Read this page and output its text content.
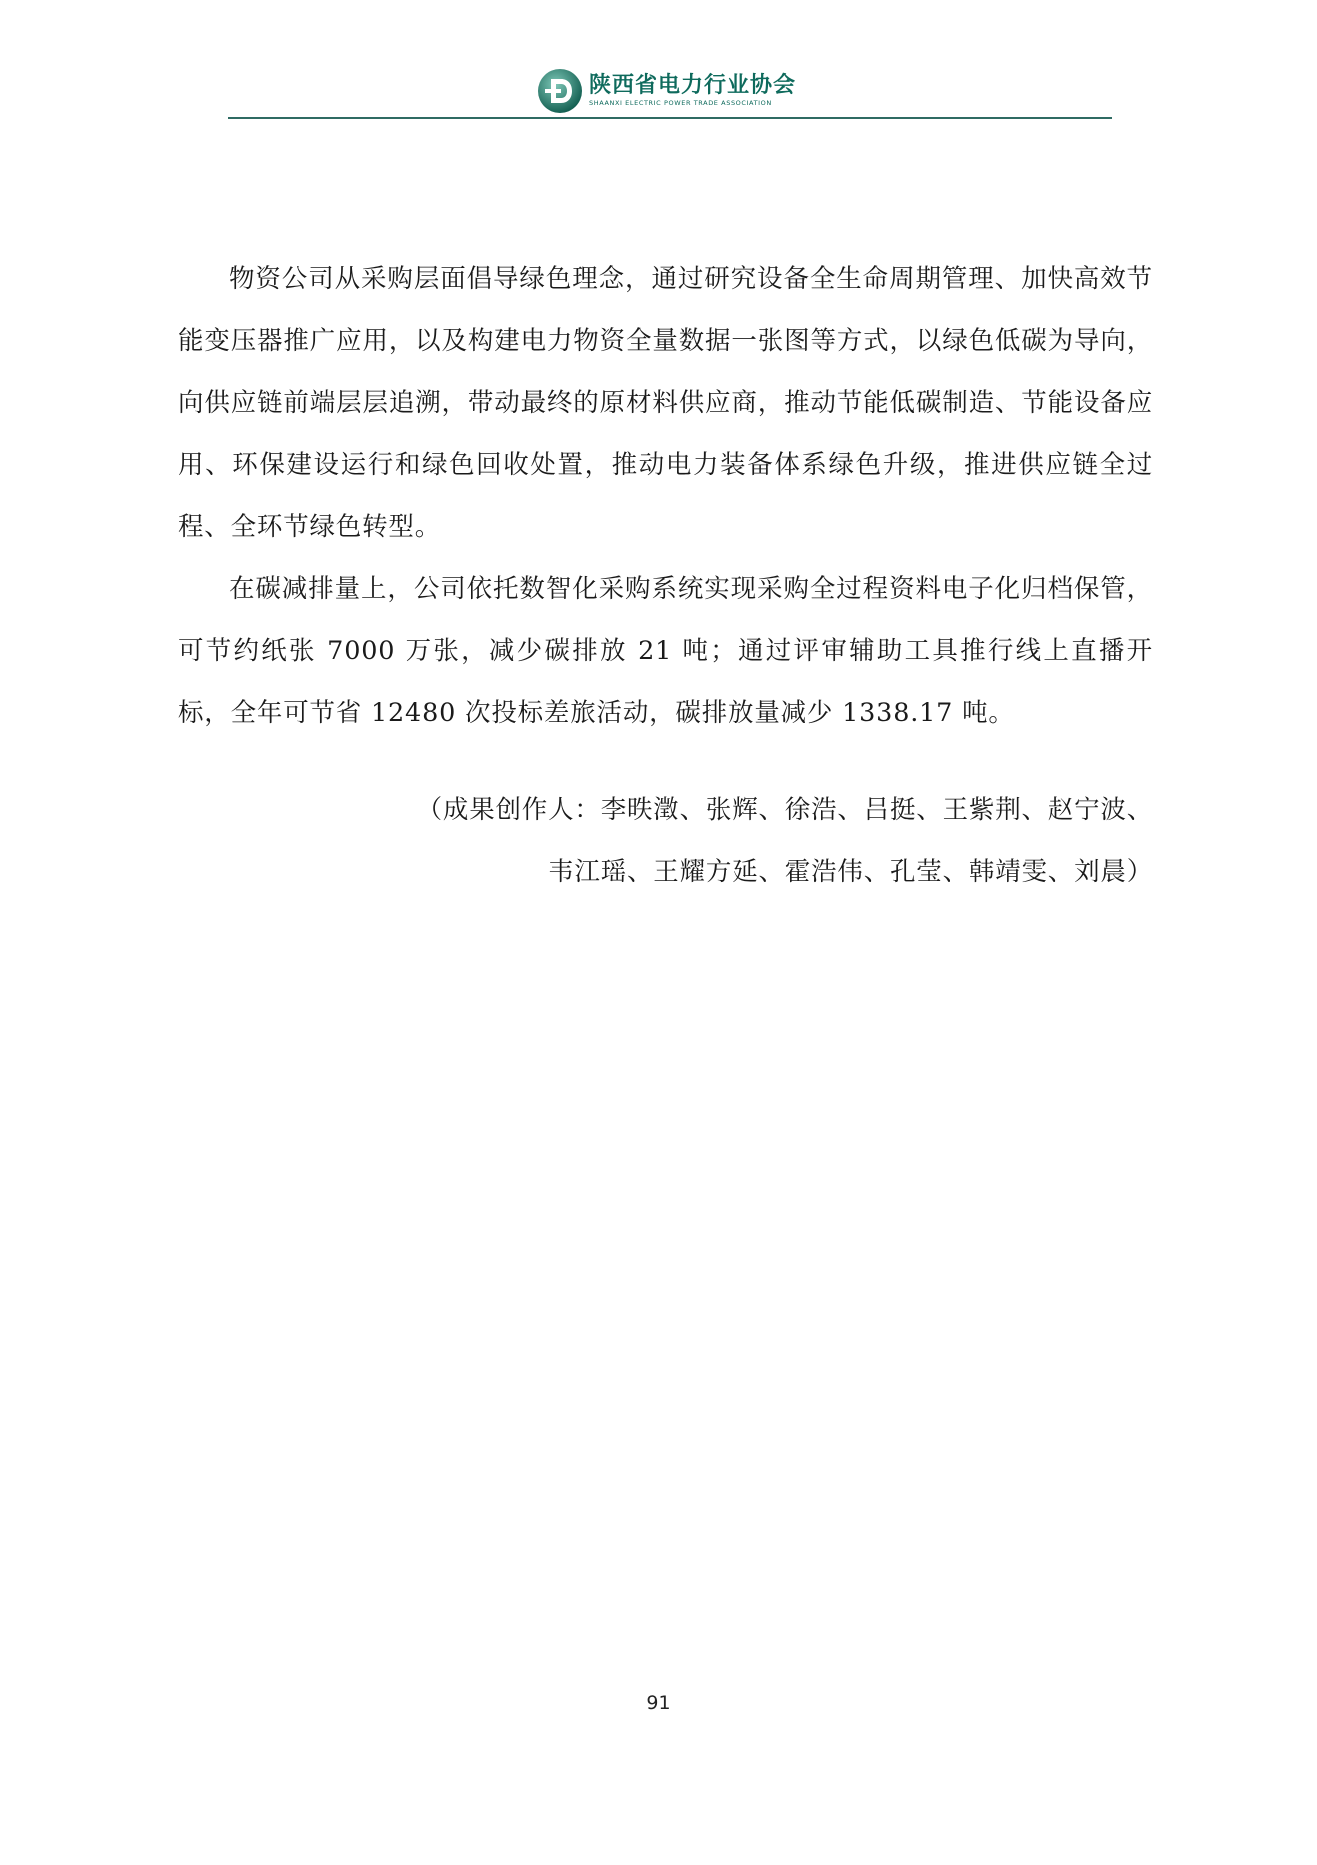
陕西省电力行业协会
SHAANXI ELECTRIC POWER TRADE ASSOCIATION

物资公司从采购层面倡导绿色理念，通过研究设备全生命周期管理、加快高效节能变压器推广应用，以及构建电力物资全量数据一张图等方式，以绿色低碳为导向，向供应链前端层层追溯，带动最终的原材料供应商，推动节能低碳制造、节能设备应用、环保建设运行和绿色回收处置，推动电力装备体系绿色升级，推进供应链全过程、全环节绿色转型。

在碳减排量上，公司依托数智化采购系统实现采购全过程资料电子化归档保管，可节约纸张 7000 万张，减少碳排放 21 吨；通过评审辅助工具推行线上直播开标，全年可节省 12480 次投标差旅活动，碳排放量减少 1338.17 吨。

（成果创作人：李昳澂、张辉、徐浩、吕挺、王紫荆、赵宁波、
韦江瑶、王耀方延、霍浩伟、孔莹、韩靖雯、刘晨）
91
